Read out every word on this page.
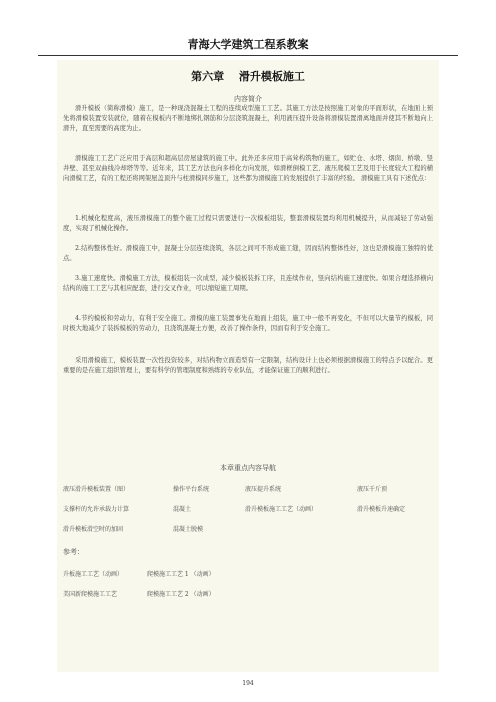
青海大学建筑工程系教案
第六章　 滑升模板施工
内容简介

滑升模板（简称滑模）施工，是一种现浇混凝土工程的连续成型施工工艺。其施工方法是按照施工对象的平面形状，在地面上预先将滑模装置安装就位，随着在模板内不断地绑扎钢筋和分层浇筑混凝土，利用液压提升设备将滑模装置滑离地面并使其不断地向上滑升，直至需要的高度为止。

滑模施工工艺广泛应用于高层和超高层房屋建筑的施工中。此外还多应用于高耸构筑物的施工，如贮仓、水塔、烟囱、桥墩、竖井壁、甚至双曲线冷却塔等等。近年来，其工艺方法也向多样化方向发展，如滑框倒模工艺、液压爬模工艺及用于长度较大工程的横向滑模工艺，有的工程还将网架屋盖顶升与柱滑模同步施工，这些都为滑模施工的发展提供了丰富的经验。 滑模施工具有下述优点：

1.机械化程度高，液压滑模施工的整个施工过程只需要进行一次模板组装，整套滑模装置均利用机械提升，从而减轻了劳动强度，实现了机械化操作。

2.结构整体性好。滑模施工中，混凝土分层连续浇筑，各层之间可不形成施工缝，因而结构整体性好，这也是滑模施工独特的优点。

3.施工速度快。滑模施工方法，模板组装一次成型，减少模板装拆工序，且连续作业，竖向结构施工速度快。如果合理选择横向结构的施工工艺与其相应配套，进行交叉作业，可以缩短施工周期。

4.节约模板和劳动力，有利于安全施工。滑模的施工装置事先在地面上组装，施工中一般不再变化，不但可以大量节约模板，同时极大地减少了装拆模板的劳动力，且浇筑混凝土方便，改善了操作条件，因而有利于安全施工。

采用滑模施工，模板装置一次性投资较多，对结构物立面造型有一定限制，结构设计上也必须根据滑模施工的特点予以配合。更重要的是在施工组织管理上，要有科学的管理制度和熟练的专业队伍，才能保证施工的顺利进行。

本章重点内容导航
液压滑升模板装置（图）	操作平台系统	液压提升系统	液压千斤顶
支撑杆的允许承载力计算	混凝土	滑升模板施工工艺（动画）	滑升模板升速确定
滑升模板滑空时的加固	混凝土脱模
参考：
升板施工工艺（动画）	爬模施工工艺 1 （动画）
美国新爬模施工工艺	爬模施工工艺 2 （动画）
194
